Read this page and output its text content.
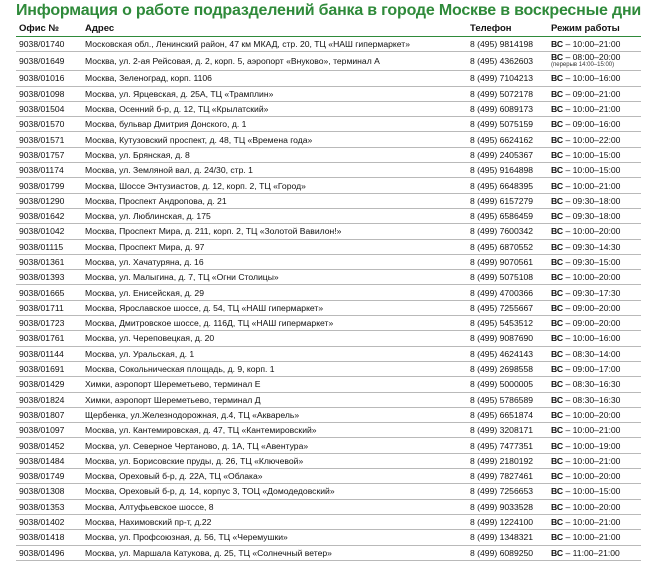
Информация о работе подразделений банка в городе Москве в воскресные дни
Офис №	Адрес	Телефон	Режим работы
9038/01740	Московская обл., Ленинский район, 47 км МКАД, стр. 20, ТЦ «НАШ гипермаркет»	8 (495) 9814198	ВС – 10:00–21:00
9038/01649	Москва, ул. 2-ая Рейсовая, д. 2, корп. 5, аэропорт «Внуково», терминал А	8 (495) 4362603	ВС – 08:00–20:00
(перерыв 14:00–15:00)

9038/01016	Москва, Зеленоград, корп. 1106	8 (499) 7104213	ВС – 10:00–16:00
9038/01098	Москва, ул. Ярцевская, д. 25А, ТЦ «Трамплин»	8 (499) 5072178	ВС – 09:00–21:00
9038/01504	Москва, Осенний б-р, д. 12, ТЦ «Крылатский»	8 (499) 6089173	ВС – 10:00–21:00
9038/01570	Москва, бульвар Дмитрия Донского, д. 1	8 (499) 5075159	ВС – 09:00–16:00
9038/01571	Москва, Кутузовский проспект, д. 48, ТЦ «Времена года»	8 (495) 6624162	ВС – 10:00–22:00
9038/01757	Москва, ул. Брянская, д. 8	8 (499) 2405367	ВС – 10:00–15:00
9038/01174	Москва, ул. Земляной вал, д. 24/30, стр. 1	8 (495) 9164898	ВС – 10:00–15:00
9038/01799	Москва, Шоссе Энтузиастов, д. 12, корп. 2, ТЦ «Город»	8 (495) 6648395	ВС – 10:00–21:00
9038/01290	Москва, Проспект Андропова, д. 21	8 (499) 6157279	ВС – 09:30–18:00
9038/01642	Москва, ул. Люблинская, д. 175	8 (495) 6586459	ВС – 09:30–18:00
9038/01042	Москва, Проспект Мира, д. 211, корп. 2, ТЦ «Золотой Вавилон!»	8 (499) 7600342	ВС – 10:00–20:00
9038/01115	Москва, Проспект Мира, д. 97	8 (495) 6870552	ВС – 09:30–14:30
9038/01361	Москва, ул. Хачатуряна, д. 16	8 (499) 9070561	ВС – 09:30–15:00
9038/01393	Москва, ул. Малыгина, д. 7, ТЦ «Огни Столицы»	8 (499) 5075108	ВС – 10:00–20:00
9038/01665	Москва, ул. Енисейская, д. 29	8 (499) 4700366	ВС – 09:30–17:30
9038/01711	Москва, Ярославское шоссе, д. 54, ТЦ «НАШ гипермаркет»	8 (495) 7255667	ВС – 09:00–20:00
9038/01723	Москва, Дмитровское шоссе, д. 116Д, ТЦ «НАШ гипермаркет»	8 (495) 5453512	ВС – 09:00–20:00
9038/01761	Москва, ул. Череповецкая, д. 20	8 (499) 9087690	ВС – 10:00–16:00
9038/01144	Москва, ул. Уральская, д. 1	8 (495) 4624143	ВС – 08:30–14:00
9038/01691	Москва, Сокольническая площадь, д. 9, корп. 1	8 (499) 2698558	ВС – 09:00–17:00
9038/01429	Химки, аэропорт Шереметьево, терминал Е	8 (499) 5000005	ВС – 08:30–16:30
9038/01824	Химки, аэропорт Шереметьево, терминал Д	8 (495) 5786589	ВС – 08:30–16:30
9038/01807	Щербенка, ул.Железнодорожная, д.4, ТЦ «Акварель»	8 (495) 6651874	ВС – 10:00–20:00
9038/01097	Москва, ул. Кантемировская, д. 47, ТЦ «Кантемировский»	8 (499) 3208171	ВС – 10:00–21:00
9038/01452	Москва, ул. Северное Чертаново, д. 1А, ТЦ «Авентура»	8 (495) 7477351	ВС – 10:00–19:00
9038/01484	Москва, ул. Борисовские пруды, д. 26, ТЦ «Ключевой»	8 (499) 2180192	ВС – 10:00–21:00
9038/01749	Москва, Ореховый б-р, д. 22А, ТЦ «Облака»	8 (499) 7827461	ВС – 10:00–20:00
9038/01308	Москва, Ореховый б-р, д. 14, корпус 3, ТОЦ «Домодедовский»	8 (499) 7256653	ВС – 10:00–15:00
9038/01353	Москва, Алтуфьевское шоссе, 8	8 (499) 9033528	ВС – 10:00–20:00
9038/01402	Москва, Нахимовский пр-т, д.22	8 (499) 1224100	ВС – 10:00–21:00
9038/01418	Москва, ул. Профсоюзная, д. 56, ТЦ «Черемушки»	8 (499) 1348321	ВС – 10:00–21:00
9038/01496	Москва, ул. Маршала Катукова, д. 25, ТЦ «Солнечный ветер»	8 (499) 6089250	ВС – 11:00–21:00
